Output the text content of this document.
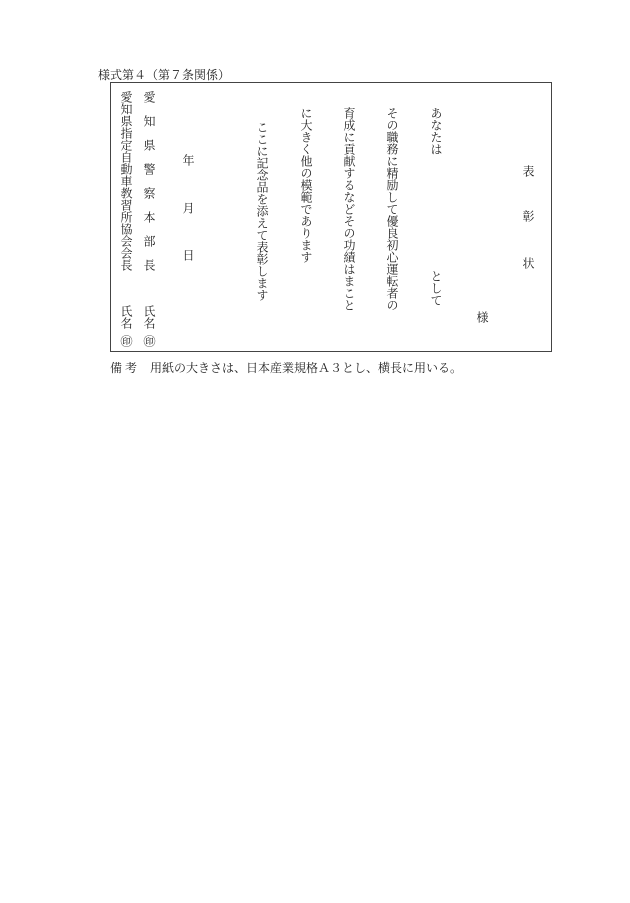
様式第４（第７条関係）
表
彰
状
様
あなたは
として
その職務に精励して優良初心運転者の
育成に貢献するなどその功績はまこと
に大きく他の模範であります
ここに記念品を添えて表彰します
年
月
日
愛知県警察本部長
氏名
㊞
愛知県指定自動車教習所協会会長
氏名
㊞
備考 用紙の大きさは、日本産業規格Ａ３とし、横長に用いる。
